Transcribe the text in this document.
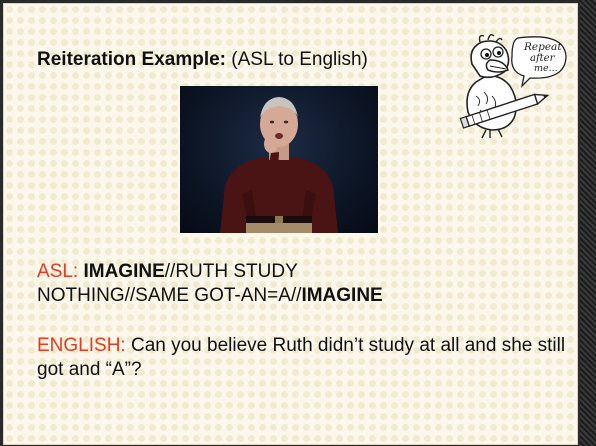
Reiteration Example: (ASL to English)
Repeat
after
me...
ASL: IMAGINE//RUTH STUDY
NOTHING//SAME GOT-AN=A//IMAGINE
ENGLISH: Can you believe Ruth didn’t study at all and she still got and “A”?
